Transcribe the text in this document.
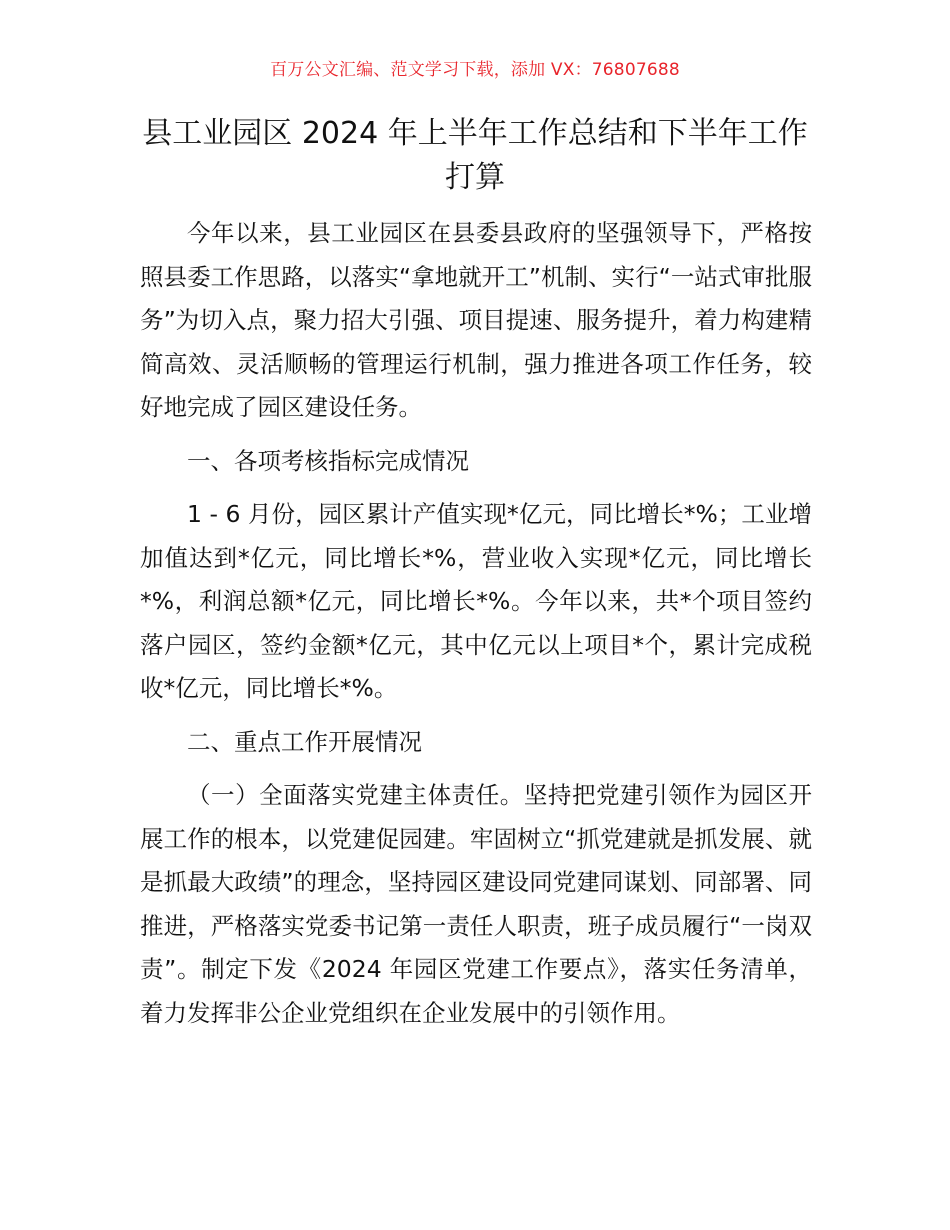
百万公文汇编、范文学习下载，添加 VX：76807688
县工业园区 2024 年上半年工作总结和下半年工作打算

今年以来，县工业园区在县委县政府的坚强领导下，严格按照县委工作思路，以落实“拿地就开工”机制、实行“一站式审批服务”为切入点，聚力招大引强、项目提速、服务提升，着力构建精简高效、灵活顺畅的管理运行机制，强力推进各项工作任务，较好地完成了园区建设任务。

一、各项考核指标完成情况

1 - 6 月份，园区累计产值实现*亿元，同比增长*%；工业增加值达到*亿元，同比增长*%，营业收入实现*亿元，同比增长*%，利润总额*亿元，同比增长*%。今年以来，共*个项目签约落户园区，签约金额*亿元，其中亿元以上项目*个，累计完成税收*亿元，同比增长*%。

二、重点工作开展情况

（一）全面落实党建主体责任。坚持把党建引领作为园区开展工作的根本，以党建促园建。牢固树立“抓党建就是抓发展、就是抓最大政绩”的理念，坚持园区建设同党建同谋划、同部署、同推进，严格落实党委书记第一责任人职责，班子成员履行“一岗双责”。制定下发《2024 年园区党建工作要点》，落实任务清单，着力发挥非公企业党组织在企业发展中的引领作用。
